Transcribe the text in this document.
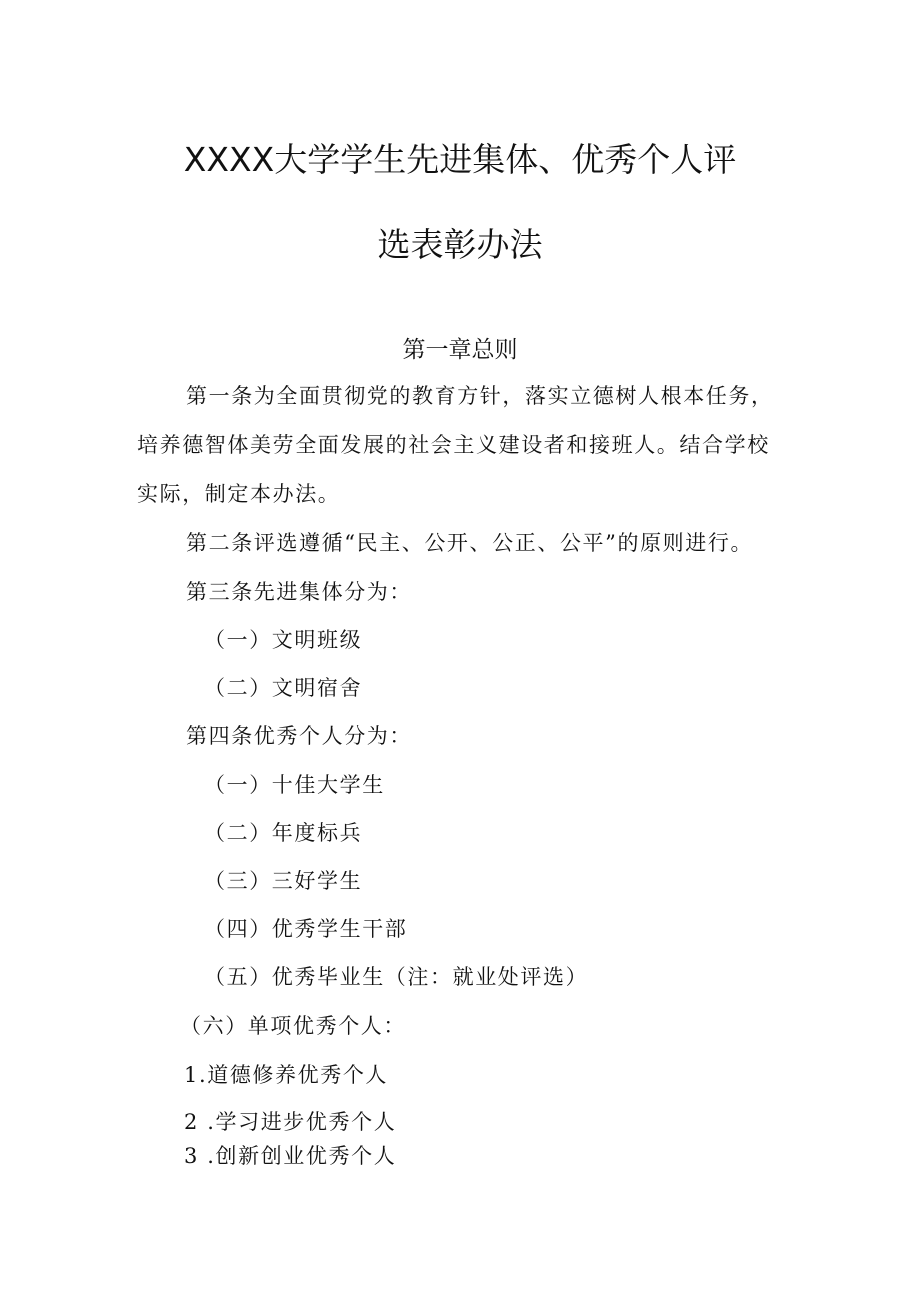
XXXX大学学生先进集体、优秀个人评
选表彰办法
第一章总则
第一条为全面贯彻党的教育方针，落实立德树人根本任务，
培养德智体美劳全面发展的社会主义建设者和接班人。结合学校
实际，制定本办法。
第二条评选遵循“民主、公开、公正、公平”的原则进行。
第三条先进集体分为：
（一）文明班级
（二）文明宿舍
第四条优秀个人分为：
（一）十佳大学生
（二）年度标兵
（三）三好学生
（四）优秀学生干部
（五）优秀毕业生（注：就业处评选）
（六）单项优秀个人：
1.道德修养优秀个人
2 .学习进步优秀个人
3 .创新创业优秀个人
